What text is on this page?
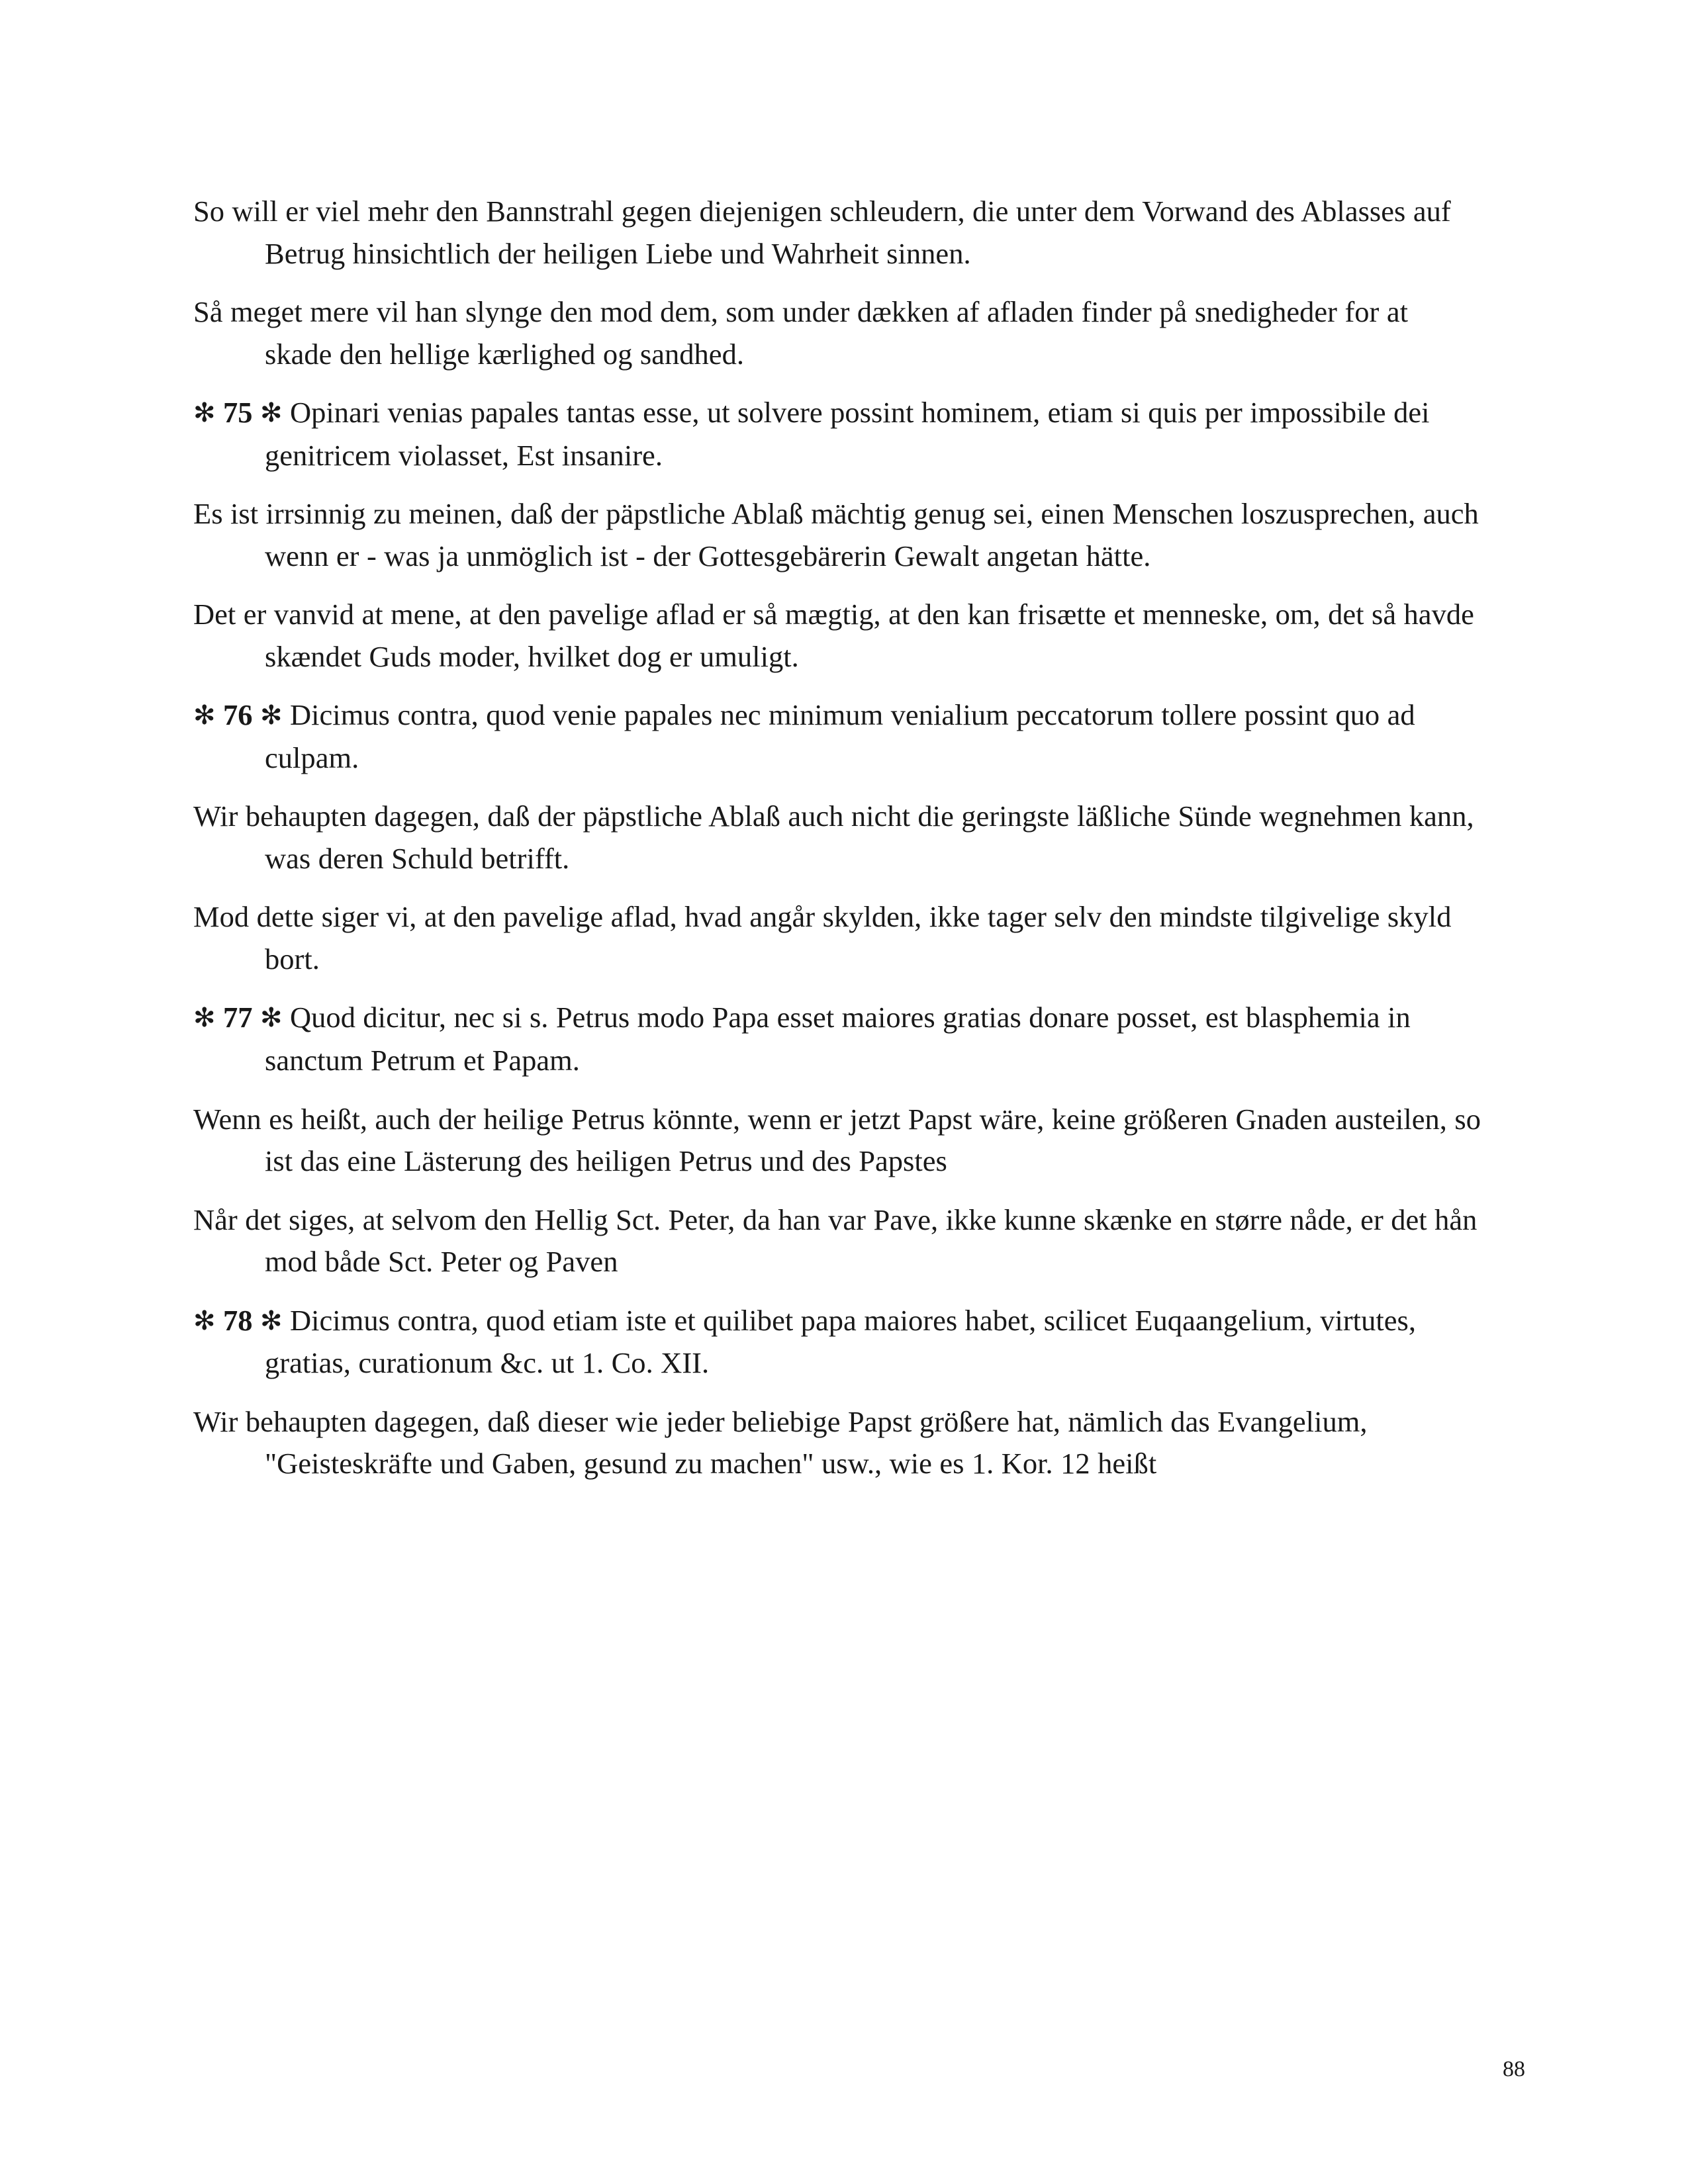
So will er viel mehr den Bannstrahl gegen diejenigen schleudern, die unter dem Vorwand des Ablasses auf Betrug hinsichtlich der heiligen Liebe und Wahrheit sinnen.

Så meget mere vil han slynge den mod dem, som under dækken af afladen finder på snedigheder for at skade den hellige kærlighed og sandhed.

✻ 75 ✻ Opinari venias papales tantas esse, ut solvere possint hominem, etiam si quis per impossibile dei genitricem violasset, Est insanire.

Es ist irrsinnig zu meinen, daß der päpstliche Ablaß mächtig genug sei, einen Menschen loszusprechen, auch wenn er - was ja unmöglich ist - der Gottesgebärerin Gewalt angetan hätte.

Det er vanvid at mene, at den pavelige aflad er så mægtig, at den kan frisætte et menneske, om, det så havde skændet Guds moder, hvilket dog er umuligt.

✻ 76 ✻ Dicimus contra, quod venie papales nec minimum venialium peccatorum tollere possint quo ad culpam.

Wir behaupten dagegen, daß der päpstliche Ablaß auch nicht die geringste läßliche Sünde wegnehmen kann, was deren Schuld betrifft.

Mod dette siger vi, at den pavelige aflad, hvad angår skylden, ikke tager selv den mindste tilgivelige skyld bort.

✻ 77 ✻ Quod dicitur, nec si s. Petrus modo Papa esset maiores gratias donare posset, est blasphemia in sanctum Petrum et Papam.

Wenn es heißt, auch der heilige Petrus könnte, wenn er jetzt Papst wäre, keine größeren Gnaden austeilen, so ist das eine Lästerung des heiligen Petrus und des Papstes

Når det siges, at selvom den Hellig Sct. Peter, da han var Pave, ikke kunne skænke en større nåde, er det hån mod både Sct. Peter og Paven

✻ 78 ✻ Dicimus contra, quod etiam iste et quilibet papa maiores habet, scilicet Euqaangelium, virtutes, gratias, curationum &c. ut 1. Co. XII.

Wir behaupten dagegen, daß dieser wie jeder beliebige Papst größere hat, nämlich das Evangelium, "Geisteskräfte und Gaben, gesund zu machen" usw., wie es 1. Kor. 12 heißt

88
